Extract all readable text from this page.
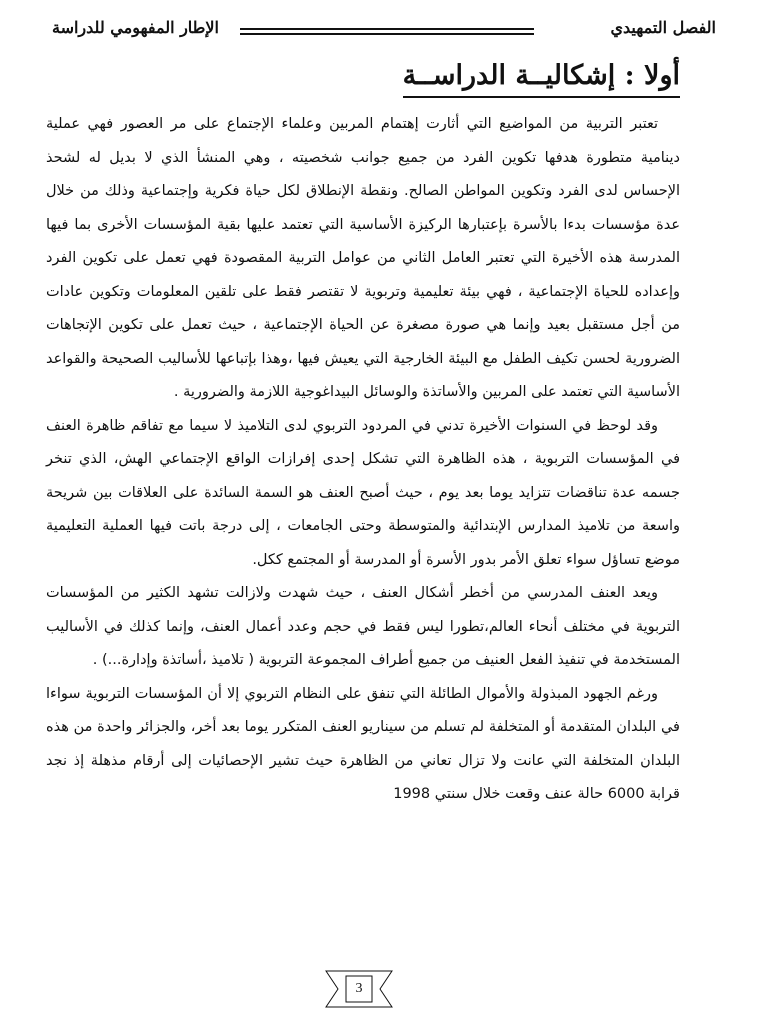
الفصل التمهيدي
الإطار المفهومي للدراسة
أولا : إشكاليــة الدراســة

تعتبر التربية من المواضيع التي أثارت إهتمام المربين وعلماء الإجتماع على مر العصور فهي عملية دينامية متطورة هدفها تكوين الفرد من جميع جوانب شخصيته ، وهي المنشأ الذي لا بديل له لشحذ الإحساس لدى الفرد وتكوين المواطن الصالح. ونقطة الإنطلاق لكل حياة فكرية وإجتماعية وذلك من خلال عدة مؤسسات بدءا بالأسرة بإعتبارها الركيزة الأساسية التي تعتمد عليها بقية المؤسسات الأخرى بما فيها المدرسة هذه الأخيرة التي تعتبر العامل الثاني من عوامل التربية المقصودة فهي تعمل على تكوين الفرد وإعداده للحياة الإجتماعية ، فهي بيئة تعليمية وتربوية لا تقتصر فقط على تلقين المعلومات وتكوين عادات من أجل مستقبل بعيد وإنما هي صورة مصغرة عن الحياة الإجتماعية ، حيث تعمل على تكوين الإتجاهات الضرورية لحسن تكيف الطفل مع البيئة الخارجية التي يعيش فيها ،وهذا بإتباعها للأساليب الصحيحة والقواعد الأساسية التي تعتمد على المربين والأساتذة والوسائل البيداغوجية اللازمة والضرورية .

وقد لوحظ في السنوات الأخيرة تدني في المردود التربوي لدى التلاميذ لا سيما مع تفاقم ظاهرة العنف في المؤسسات التربوية ، هذه الظاهرة التي تشكل إحدى إفرازات الواقع الإجتماعي الهش، الذي تنخر جسمه عدة تناقضات تتزايد يوما بعد يوم ، حيث أصبح العنف هو السمة السائدة على العلاقات بين شريحة واسعة من تلاميذ المدارس الإبتدائية والمتوسطة وحتى الجامعات ، إلى درجة باتت فيها العملية التعليمية موضع تساؤل سواء تعلق الأمر بدور الأسرة أو المدرسة أو المجتمع ككل.

ويعد العنف المدرسي من أخطر أشكال العنف ، حيث شهدت ولازالت تشهد الكثير من المؤسسات التربوية في مختلف أنحاء العالم،تطورا ليس فقط في حجم وعدد أعمال العنف، وإنما كذلك في الأساليب المستخدمة في تنفيذ الفعل العنيف من جميع أطراف المجموعة التربوية ( تلاميذ ،أساتذة وإدارة...) .

ورغم الجهود المبذولة والأموال الطائلة التي تنفق على النظام التربوي إلا أن المؤسسات التربوية سواءا في البلدان المتقدمة أو المتخلفة لم تسلم من سيناريو العنف المتكرر يوما بعد أخر، والجزائر واحدة من هذه البلدان المتخلفة التي عانت ولا تزال تعاني من الظاهرة حيث تشير الإحصائيات إلى أرقام مذهلة إذ نجد قرابة 6000 حالة عنف وقعت خلال سنتي 1998

3
